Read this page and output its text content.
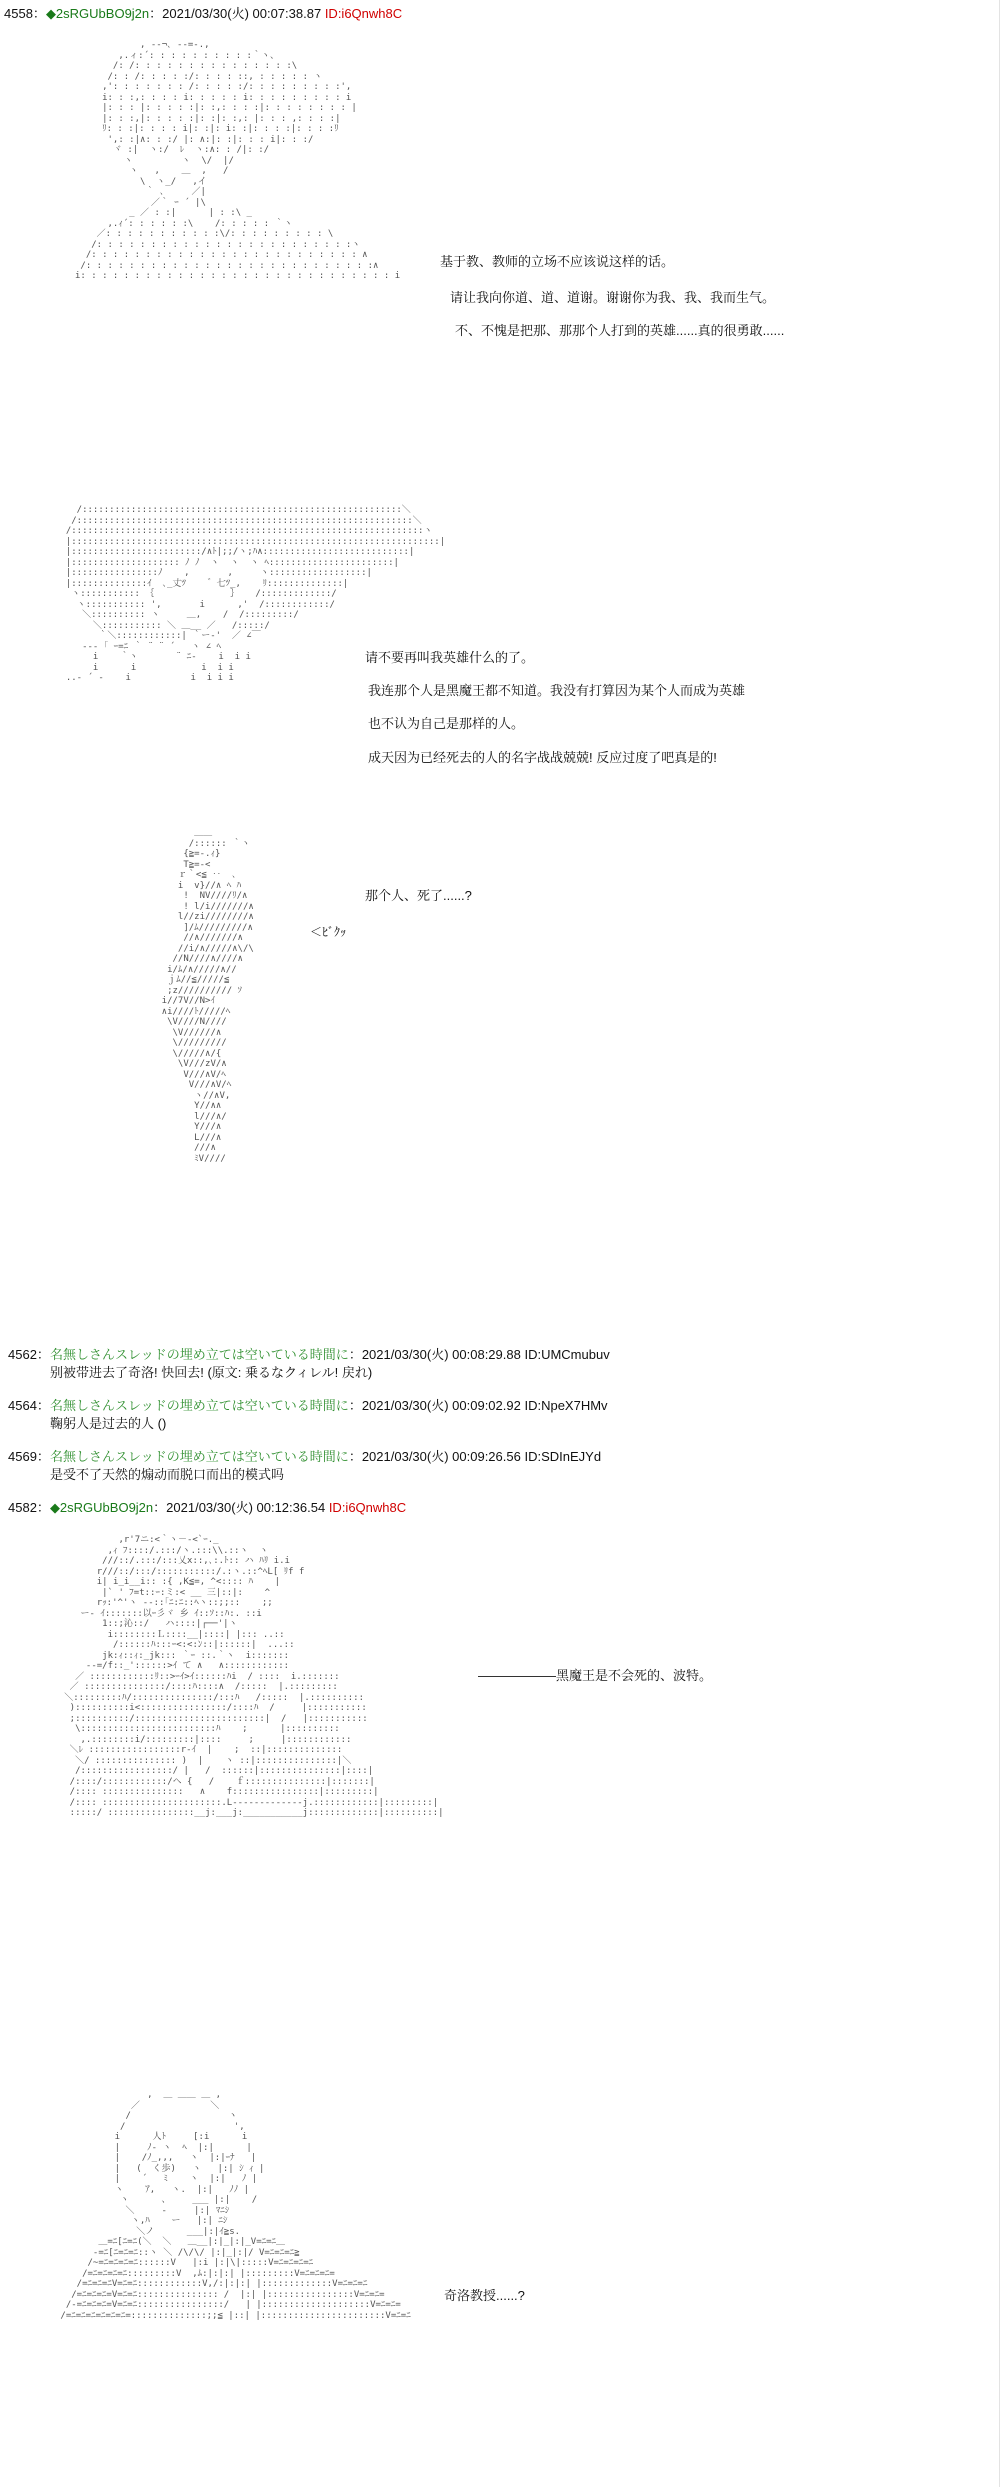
4558：◆2sRGUbBO9j2n：2021/03/30(火) 00:07:38.87 ID:i6Qnwh8C
, -‐¬､ ‐‐=-.,
,.ィ:´: : : : : : : : : :｀ヽ、
/: /: : : : : : : : : : : : : : :\
/: : /: : : : :/: : : : ::, : : : : : ヽ
,': : : : : : : /: : : : :/: : : : : : : : :',
i: : :,: : : : i: : : : : i: : : : : : : : : i
|: : : |: : : : :|: :,: : : :|: : : : : : : : |
|: : :,|: : : : :|: :|: :,: |: : : ,: : : :|
ﾘ: : :|: : : : i|: :|: i: :|: : : :|: : : :ﾘ
',: :|∧: : :/ |: ∧:|: :|: : : i|: : :/
ヾ :|  ヽ:/  ﾚ  ヽ:∧: : /|: :/
ヽ         ヽ  \/  |/
ヽ   ,    ＿  ,   /
\  ヽ_/   ,イ
｀ ､     ／|
／｀ ｰ ´ |\
_ ／ : :|      | : :\ _
,.ｨ´: : : : : :\    /: : : : : ｀ヽ
／: : : : : : : : : : :\/: : : : : : : : : \
/: : : : : : : : : : : : : : : : : : : : : : : :ヽ
/: : : : : : : : : : : : : : : : : : : : : : : : : ∧
/: : : : : : : : : : : : : : : : : : : : : : : : : : :∧
i: : : : : : : : : : : : : : : : : : : : : : : : : : : : : i
基于教、教师的立场不应该说这样的话。
请让我向你道、道、道谢。谢谢你为我、我、我而生气。
不、不愧是把那、那那个人打到的英雄......真的很勇敢......
/:::::::::::::::::::::::::::::::::::::::::::::::::::::::::::＼
/::::::::::::::::::::::::::::::::::::::::::::::::::::::::::::::＼
/:::::::::::::::::::::::::::::::::::::::::::::::::::::::::::::::::ヽ
|::::::::::::::::::::::::::::::::::::::::::::::::::::::::::::::::::::|
|::::::::::::::::::::::::/∧ﾄ|;;/ヽ;ﾊ∧:::::::::::::::::::::::::::|
|:::::::::::::::::::: ﾉ ﾉ  ヽ  ヽ  ヽ ﾍ:::::::::::::::::::::::|
|::::::::::::::::ﾉ    ,       ,     ヽ::::::::::::::::::|
|::::::::::::::ｲ  ､_丈ﾂ    ゛七ﾂ_,    ﾘ::::::::::::::|
ヽ::::::::::: ｛              ｝   /:::::::::::::/
ヽ::::::::::: ',       i      ,'  /::::::::::::/
＼:::::::::: ヽ     ＿,    /  /:::::::::/
＼::::::::::: ＼ ＿__ ／   /:::::/
｀＼::::::::::::| ｀ー‐'  ／ ∠￣
‐‐‐ ｢ ｰ=ﾆ ｀ ¨ ¨ ´   ヽ ∠ ﾍ
i    ｀ヽ       ¨ ﾆ‐    i  i i
i      i            i  i i
..‐ ´ -    i           i  i i i
请不要再叫我英雄什么的了。
我连那个人是黑魔王都不知道。我没有打算因为某个人而成为英雄
也不认为自己是那样的人。
成天因为已经死去的人的名字战战兢兢! 反应过度了吧真是的!
＿＿
/:::::: ｀ヽ
{≧=-.ｨ}
T≧=-<
ｒ｀<≦ ‥  ､
i  v}//∧ ﾍ ﾊ
!  NV////ﾘ/∧
! l/i///////∧
l//zi////////∧
]/ﾑ/////////∧
//∧///////∧
//i/∧/////∧\/\
//N////∧////∧
i/ﾑ/∧/////∧//
ｊﾑ//≦/////≦
;z////////// ｿ
i//7V//N>ｲ
∧i////ﾄ/////ﾍ
\V////N////
\V//////∧
\/////////
\/////∧/{
\V///zV/∧
V///∧V/ﾍ
V///∧V/ﾍ
ヽ//∧V,
Y//∧∧
l///∧/
Y///∧
L///∧
///∧
ﾐV////
＜ﾋﾞｸｯ
那个人、死了......?
4562：名無しさんスレッドの埋め立ては空いている時間に：2021/03/30(火) 00:08:29.88 ID:UMCmubuv
别被带进去了奇洛! 快回去! (原文: 乗るなクィレル! 戻れ)
4564：名無しさんスレッドの埋め立ては空いている時間に：2021/03/30(火) 00:09:02.92 ID:NpeX7HMv
鞠躬人是过去的人 ()
4569：名無しさんスレッドの埋め立ては空いている時間に：2021/03/30(火) 00:09:26.56 ID:SDInEJYd
是受不了天然的煽动而脱口而出的模式吗
4582：◆2sRGUbBO9j2n：2021/03/30(火) 00:12:36.54 ID:i6Qnwh8C
,r'7ニ:<｀ヽ－-<`ｰ._
,ｨ ﾌ::::/.:::/ヽ.:::\\.::ヽ  ヽ
///::/.:::/:::乂x::,､:.ﾄ:: ハ ﾊﾘ i.i
r///::/:::/:::::::::::/.:ヽ.::^ﾍL[ ﾘf f
i| i_i__i:: :{ ,K≦=, ^<:::: ﾊ    |
|` ' ﾌ=t::ｰ:ミ:< __ 三|::|:    ^
rｯ:'^'ヽ --::｢ﾆ:ﾆ::ﾍヽ::;;::    ;;
ー‐ ｲ:::::::以ｰ彡ヾ 乡 ｲ::ｿ::ﾊ:. ::i
1::;沁::/   ハ::::|┌──'|ヽ
i::::::::Ｌ::::__|::::| |::: ..::
/::::::ﾊ:::ｰ<:<:ﾝ::|::::::|  ...::
jk:ｨ::ｨ:_jk::: ｀ｰ ::.｀ヽ  i:::::::
--=/f::_'::::::>ｲ て ∧   ∧::::::::::::
／ ::::::::::::ﾘ::>ｰｲ>ｲ::::::ﾊi  / ::::  i.:::::::
／ :::::::::::::::/::::ﾊ::::∧  /:::::  |.:::::::::
＼:::::::::ﾊ/:::::::::::::::/:::ﾊ   /:::::  |.::::::::::
)::::::::::i<::::::::::::::::/::::ﾊ  /     |:::::::::::
;::::::::::/::::::::::::::::::::::::|  /   |:::::::::::
\:::::::::::::::::::::::::ﾊ    ;      |::::::::::
,.::::::::i/:::::::::|::::     ;     |::::::::::::
＼ﾚ :::::::::::::::::r-ｲ  |    ;  ::|::::::::::::::
＼/ ::::::::::::::: )  |    ヽ ::|:::::::::::::::|＼
/:::::::::::::::::/ |   /  ::::::|:::::::::::::::|::::|
/::::/::::::::::::/ヘ {   /    ｆ:::::::::::::::|:::::::|
/:::: :::::::::::::::   ∧    f::::::::::::::::|:::::::::|
/:::: ::::::::::::::::::::::.L-------------j.::::::::::::|:::::::::|
:::::/ ::::::::::::::::__j:___j:___________j:::::::::::::|::::::::::|
——————黑魔王是不会死的、波特。
,  ＿ ＿＿ ＿ ,
／             ＼
/                  ヽ
/                    ',
i      人ﾄ     [:i      i
|     ﾉ‐ ヽ  ﾍ  |:|      |
|    /ﾉ_,,,   ヽ  |:|ｰﾅ   |
|   (  く歩)   ヽ   |:| ｼ ｨ |
|    ´   ﾐ    ヽ  |:|   ﾉ |
ヽ    ｱ,   ヽ.  |:|   ﾉﾉ |
ヽ      、    ___ |:|    /
＼     -     |:| ﾏﾆｼ
ヽ,ﾊ    ー   |:| ﾆｼ
＼ノ      ___|:|ｲ≧s.
＿=ﾆ[ﾆ=ﾆ(＼  ＼   ＿__|:|_|:|_V=ﾆ=ﾆ＿
-=ﾆ[ﾆ=ﾆ=ﾆ::ヽ ＼ /\/\/ |:|_|:|/ V=ﾆ=ﾆ=ﾆ≧
/~=ﾆ=ﾆ=ﾆ=ﾆ::::::V   |:i |:|\|:::::V=ﾆ=ﾆ=ﾆ=ﾆ
/=ﾆ=ﾆ=ﾆ=ﾆ:::::::::V  ,ﾑ:|:|:| |:::::::::V=ﾆ=ﾆ=ﾆ=
/=ﾆ=ﾆ=ﾆV=ﾆ=ﾆ::::::::::::V,/:|:|:| |:::::::::::::V=ﾆ=ﾆ=ﾆ
/=ﾆ=ﾆ=ﾆ=V=ﾆ=ﾆ::::::::::::::: /  |:| |::::::::::::::::V=ﾆ=ﾆ=
/-=ﾆ=ﾆ=ﾆ=V=ﾆ=ﾆ::::::::::::::::/   | |::::::::::::::::::::V=ﾆ=ﾆ=
/=ﾆ=ﾆ=ﾆ=ﾆ=ﾆ=ﾆ=::::::::::::::;;≦ |::| |:::::::::::::::::::::::V=ﾆ=ﾆ
奇洛教授......?
